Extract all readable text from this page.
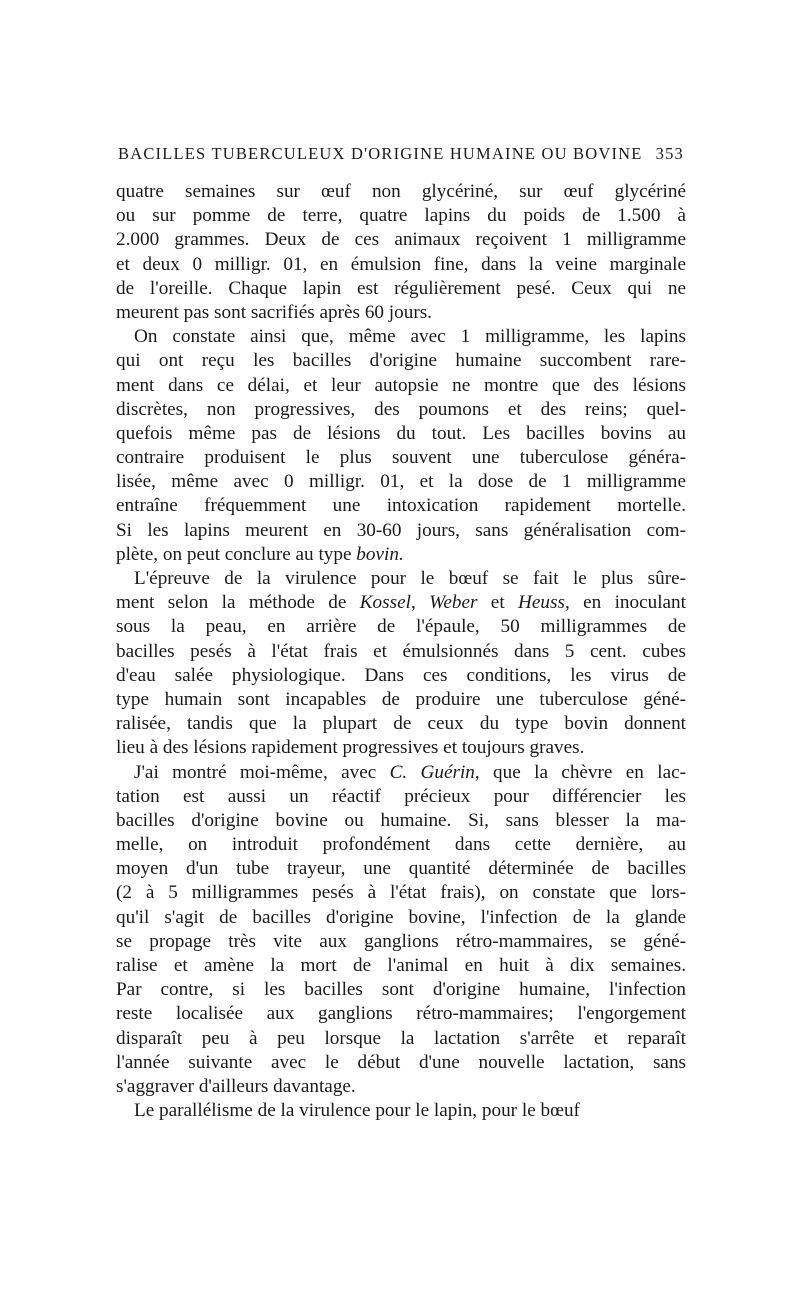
BACILLES TUBERCULEUX D'ORIGINE HUMAINE OU BOVINE 353
quatre semaines sur œuf non glycériné, sur œuf glycériné
ou sur pomme de terre, quatre lapins du poids de 1.500 à
2.000 grammes. Deux de ces animaux reçoivent 1 milligramme
et deux 0 milligr. 01, en émulsion fine, dans la veine marginale
de l'oreille. Chaque lapin est régulièrement pesé. Ceux qui ne
meurent pas sont sacrifiés après 60 jours.
On constate ainsi que, même avec 1 milligramme, les lapins
qui ont reçu les bacilles d'origine humaine succombent rare-
ment dans ce délai, et leur autopsie ne montre que des lésions
discrètes, non progressives, des poumons et des reins; quel-
quefois même pas de lésions du tout. Les bacilles bovins au
contraire produisent le plus souvent une tuberculose généra-
lisée, même avec 0 milligr. 01, et la dose de 1 milligramme
entraîne fréquemment une intoxication rapidement mortelle.
Si les lapins meurent en 30-60 jours, sans généralisation com-
plète, on peut conclure au type bovin.
L'épreuve de la virulence pour le bœuf se fait le plus sûre-
ment selon la méthode de Kossel, Weber et Heuss, en inoculant
sous la peau, en arrière de l'épaule, 50 milligrammes de
bacilles pesés à l'état frais et émulsionnés dans 5 cent. cubes
d'eau salée physiologique. Dans ces conditions, les virus de
type humain sont incapables de produire une tuberculose géné-
ralisée, tandis que la plupart de ceux du type bovin donnent
lieu à des lésions rapidement progressives et toujours graves.
J'ai montré moi-même, avec C. Guérin, que la chèvre en lac-
tation est aussi un réactif précieux pour différencier les
bacilles d'origine bovine ou humaine. Si, sans blesser la ma-
melle, on introduit profondément dans cette dernière, au
moyen d'un tube trayeur, une quantité déterminée de bacilles
(2 à 5 milligrammes pesés à l'état frais), on constate que lors-
qu'il s'agit de bacilles d'origine bovine, l'infection de la glande
se propage très vite aux ganglions rétro-mammaires, se géné-
ralise et amène la mort de l'animal en huit à dix semaines.
Par contre, si les bacilles sont d'origine humaine, l'infection
reste localisée aux ganglions rétro-mammaires; l'engorgement
disparaît peu à peu lorsque la lactation s'arrête et reparaît
l'année suivante avec le début d'une nouvelle lactation, sans
s'aggraver d'ailleurs davantage.
Le parallélisme de la virulence pour le lapin, pour le bœuf
